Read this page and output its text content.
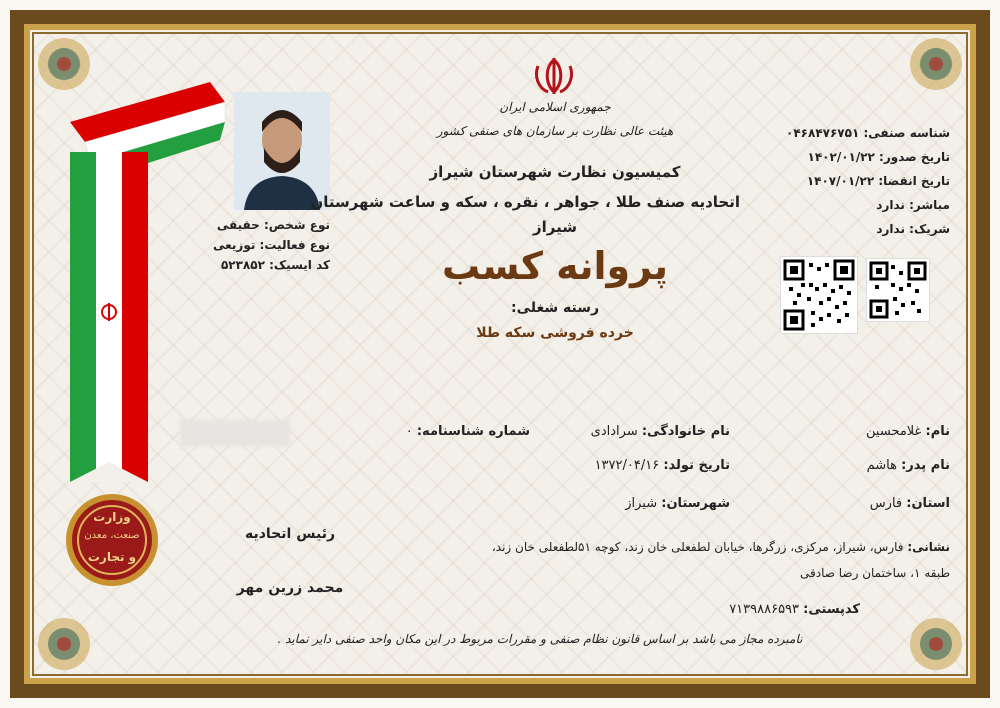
وزارت
صنعت، معدن
و تجارت
نوع شخص: حقیقی
نوع فعالیت: توزیعی
کد ایسیک: ۵۲۳۸۵۲
جمهوری اسلامی ایران
هیئت عالی نظارت بر سازمان های صنفی کشور
کمیسیون نظارت شهرستان شیراز
اتحادیه صنف طلا ، جواهر ، نقره ، سکه و ساعت شهرستان
شیراز
پروانه کسب
رسته شغلی:
خرده فروشی سکه طلا
شناسه صنفی: ۰۴۶۸۴۷۶۷۵۱
تاریخ صدور: ۱۴۰۲/۰۱/۲۲
تاریخ انقضا: ۱۴۰۷/۰۱/۲۲
مباشر: ندارد
شریک: ندارد
نام: غلامحسین
نام خانوادگی: سرادادی
شماره شناسنامه: ۰
نام پدر: هاشم
تاریخ تولد: ۱۳۷۲/۰۴/۱۶
استان: فارس
شهرستان: شیراز
نشانی: فارس، شیراز، مرکزی، زرگرها، خیابان لطفعلی خان زند، کوچه ۵۱لطفعلی خان زند،
طبقه ۱، ساختمان رضا صادقی
کدپستی: ۷۱۳۹۸۸۶۵۹۳
رئیس اتحادیه
محمد زرین مهر
نامبرده مجاز می باشد بر اساس قانون نظام صنفی و مقررات مربوط در این مکان واحد صنفی دایر نماید .
